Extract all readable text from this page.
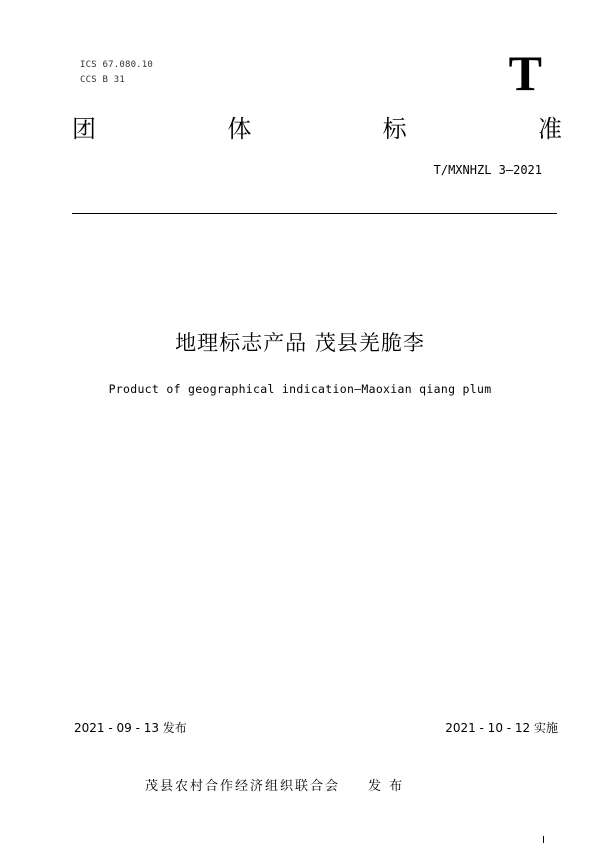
ICS 67.080.10
CCS B 31	T
团	体	标	准
T/MXNHZL 3—2021
地理标志产品 茂县羌脆李
Product of geographical indication—Maoxian qiang plum
2021 - 09 - 13 发布	2021 - 10 - 12 实施
茂县农村合作经济组织联合会 发 布
